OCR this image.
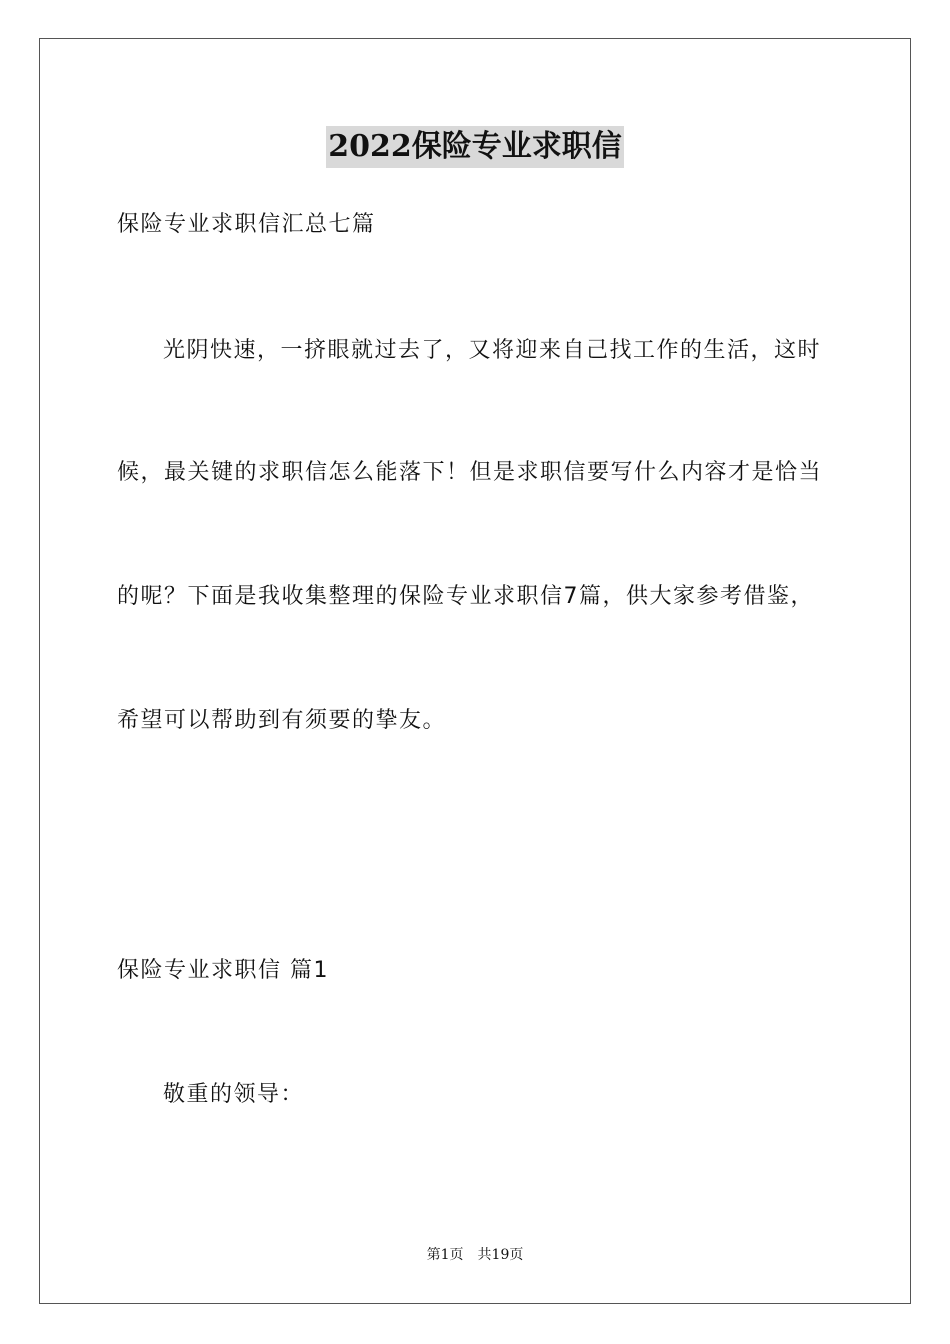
2022保险专业求职信
保险专业求职信汇总七篇
光阴快速，一挤眼就过去了，又将迎来自己找工作的生活，这时
候，最关键的求职信怎么能落下！但是求职信要写什么内容才是恰当
的呢？下面是我收集整理的保险专业求职信7篇，供大家参考借鉴，
希望可以帮助到有须要的挚友。
保险专业求职信 篇1
敬重的领导：
第1页 共19页
